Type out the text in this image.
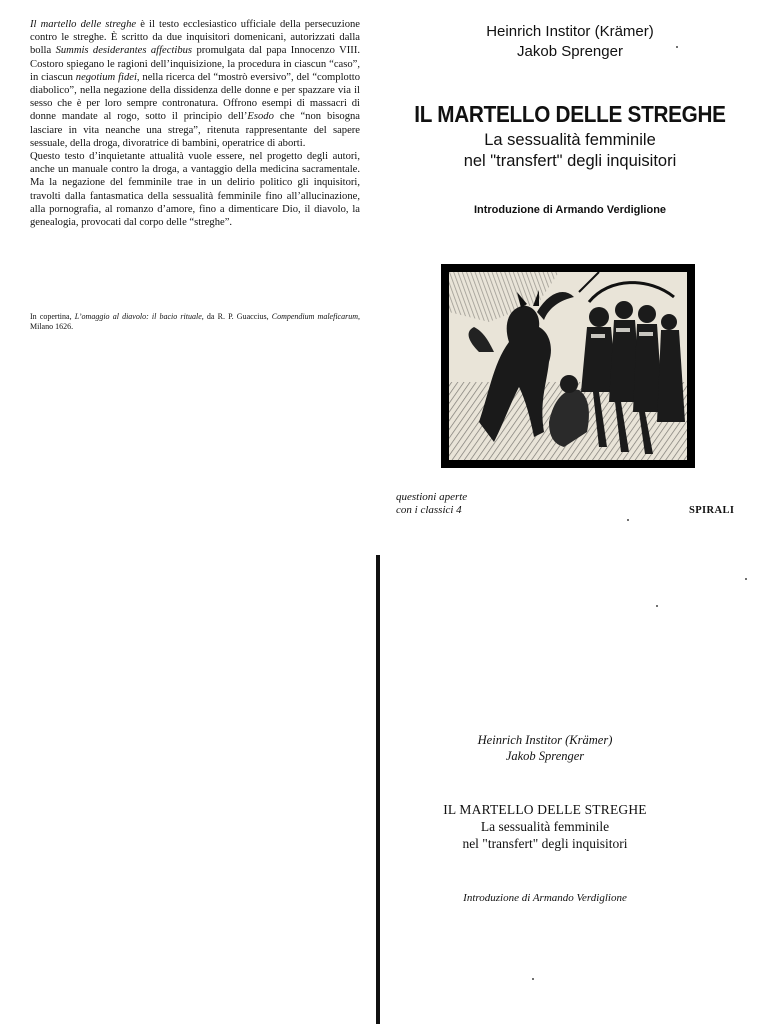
Il martello delle streghe è il testo ecclesiastico ufficiale della persecuzione contro le streghe. È scritto da due inquisitori domenicani, autorizzati dalla bolla Summis desiderantes affectibus promulgata dal papa Innocenzo VIII. Costoro spiegano le ragioni dell’inquisizione, la procedura in ciascun “caso”, in ciascun negotium fidei, nella ricerca del “mostrò eversivo”, del “complotto diabolico”, nella negazione della dissidenza delle donne e per spazzare via il sesso che è per loro sempre contronatura. Offrono esempi di massacri di donne mandate al rogo, sotto il principio dell’Esodo che “non bisogna lasciare in vita neanche una strega”, ritenuta rappresentante del sapere sessuale, della droga, divoratrice di bambini, operatrice di aborti.

Questo testo d’inquietante attualità vuole essere, nel progetto degli autori, anche un manuale contro la droga, a vantaggio della medicina sacramentale. Ma la negazione del femminile trae in un delirio politico gli inquisitori, travolti dalla fantasmatica della sessualità femminile fino all’allucinazione, alla pornografia, al romanzo d’amore, fino a dimenticare Dio, il diavolo, la genealogia, provocati dal corpo delle “streghe”.

In copertina, L’omaggio al diavolo: il bacio rituale, da R. P. Guaccius, Compendium maleficarum, Milano 1626.
Heinrich Institor (Krämer)
Jakob Sprenger
IL MARTELLO DELLE STREGHE
La sessualità femminile
nel "transfert" degli inquisitori
Introduzione di Armando Verdiglione
questioni aperte
con i classici 4	SPIRALI
Heinrich Institor (Krämer)
Jakob Sprenger
IL MARTELLO DELLE STREGHE
La sessualità femminile
nel "transfert" degli inquisitori
Introduzione di Armando Verdiglione
